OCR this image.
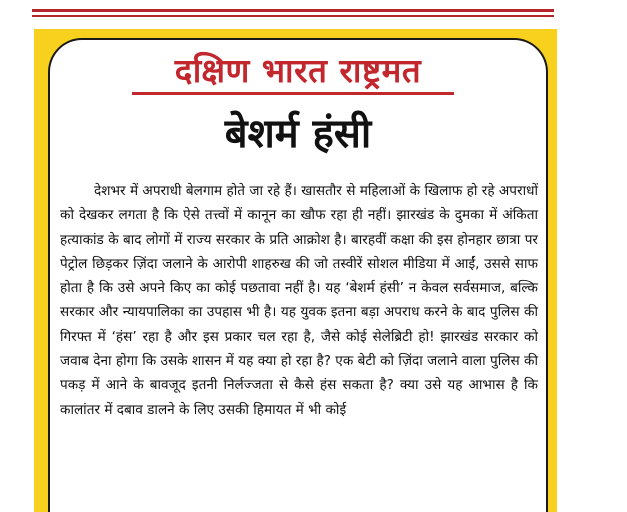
दक्षिण भारत राष्ट्रमत
बेशर्म हंसी

देशभर में अपराधी बेलगाम होते जा रहे हैं। खासतौर से महिलाओं के खिलाफ हो रहे अपराधों को देखकर लगता है कि ऐसे तत्त्वों में कानून का खौफ रहा ही नहीं। झारखंड के दुमका में अंकिता हत्याकांड के बाद लोगों में राज्य सरकार के प्रति आक्रोश है। बारहवीं कक्षा की इस होनहार छात्रा पर पेट्रोल छिड़कर ज़िंदा जलाने के आरोपी शाहरुख की जो तस्वीरें सोशल मीडिया में आईं, उससे साफ होता है कि उसे अपने किए का कोई पछतावा नहीं है। यह ‘बेशर्म हंसी’ न केवल सर्वसमाज, बल्कि सरकार और न्यायपालिका का उपहास भी है। यह युवक इतना बड़ा अपराध करने के बाद पुलिस की गिरफ्त में ‘हंस’ रहा है और इस प्रकार चल रहा है, जैसे कोई सेलेब्रिटी हो! झारखंड सरकार को जवाब देना होगा कि उसके शासन में यह क्या हो रहा है? एक बेटी को ज़िंदा जलाने वाला पुलिस की पकड़ में आने के बावजूद इतनी निर्लज्जता से कैसे हंस सकता है? क्या उसे यह आभास है कि कालांतर में दबाव डालने के लिए उसकी हिमायत में भी कोई
